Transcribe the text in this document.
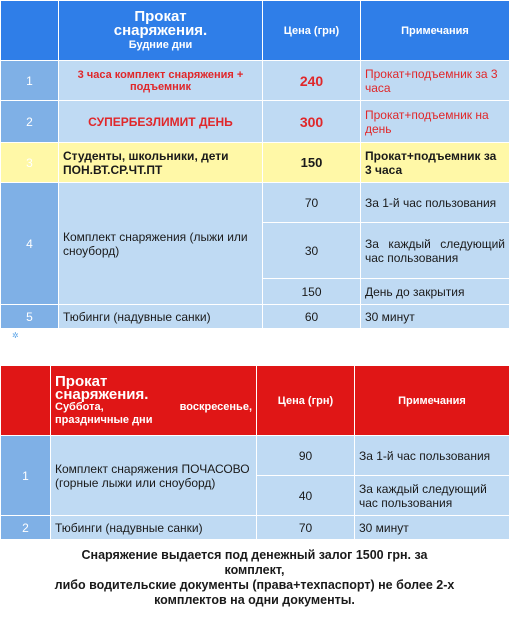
	Прокат
снаряжения.
Будние дни	Цена (грн)	Примечания
1	3 часа комплект снаряжения + подъемник	240	Прокат+подъемник за 3 часа
2	СУПЕРБЕЗЛИМИТ ДЕНЬ	300	Прокат+подъемник на день
3	Студенты, школьники, дети ПОН.ВТ.СР.ЧТ.ПТ	150	Прокат+подъемник за 3 часа
4	Комплект снаряжения (лыжи или сноуборд)	70	За 1-й час пользования
		30	За каждый следующий час пользования
		150	День до закрытия
5	Тюбинги (надувные санки)	60	30 минут
✲

	Прокат
снаряжения.
Суббота, воскресенье,
праздничные дни	Цена (грн)	Примечания
1	Комплект снаряжения ПОЧАСОВО (горные лыжи или сноуборд)	90	За 1-й час пользования
		40	За каждый следующий час пользования
2	Тюбинги (надувные санки)	70	30 минут
Снаряжение выдается под денежный залог 1500 грн. за
комплект,
либо водительские документы (права+техпаспорт) не более 2-х
комплектов на одни документы.
